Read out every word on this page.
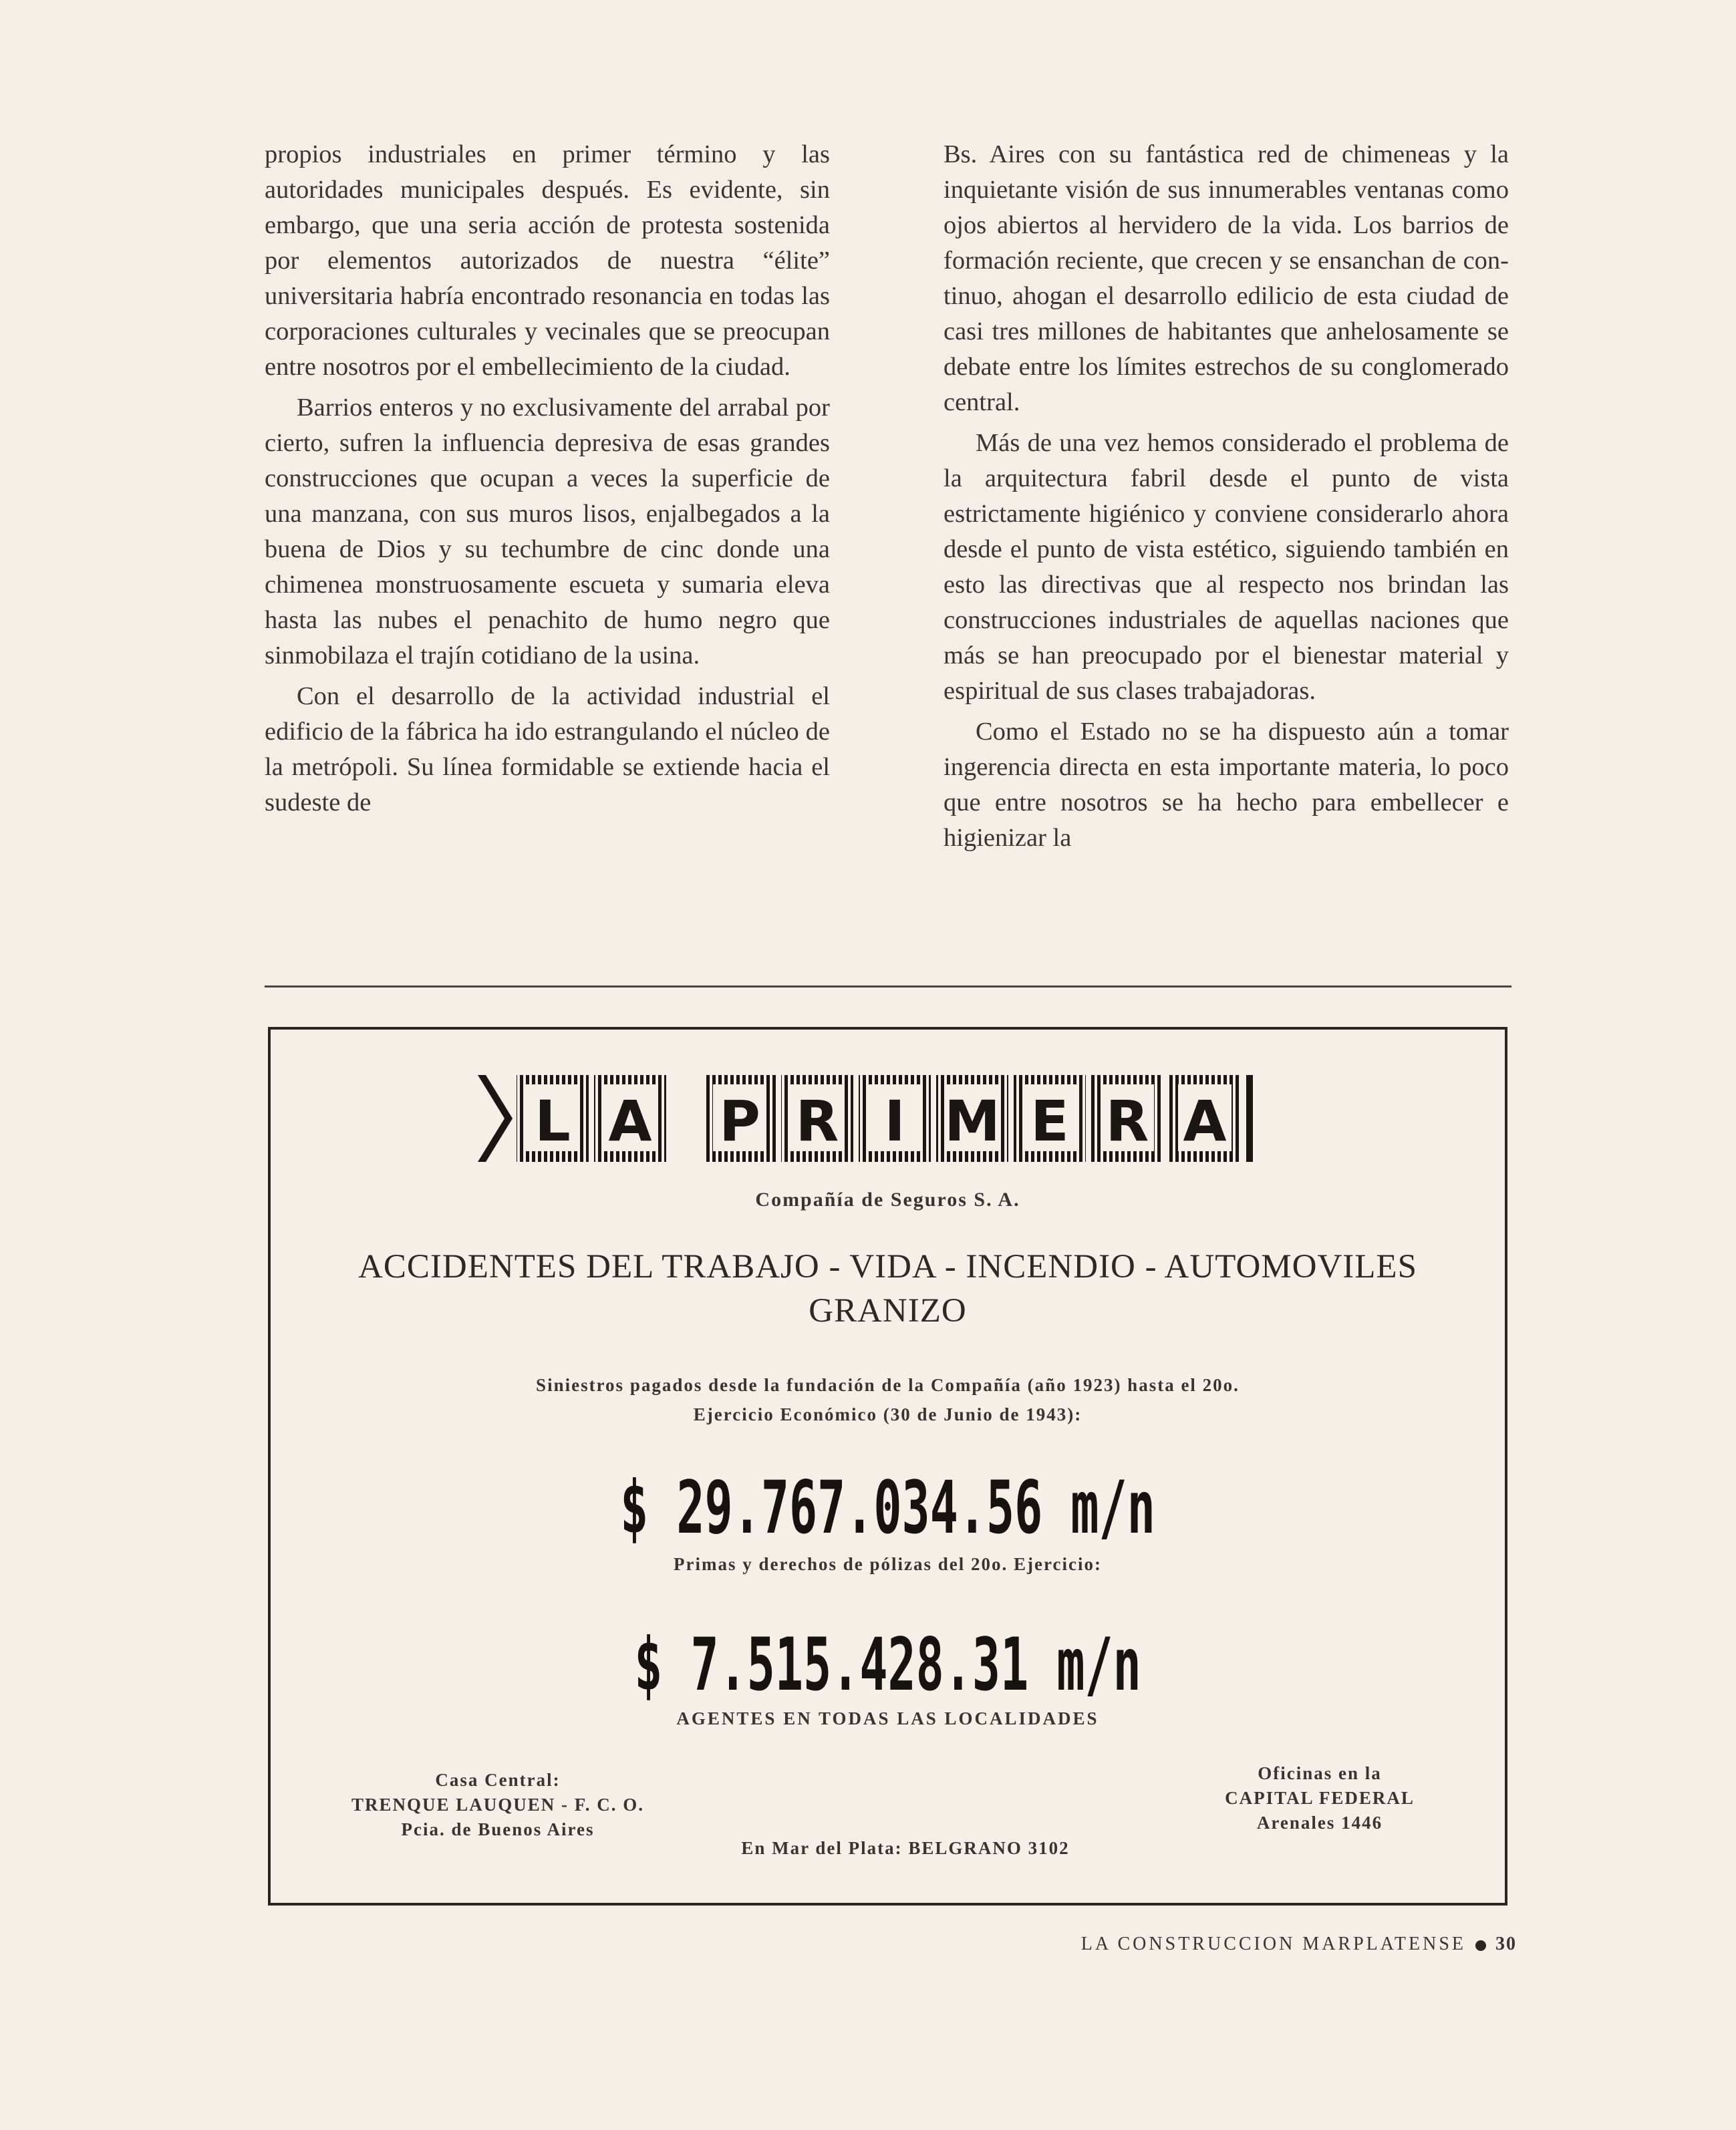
propios industriales en primer término y las autoridades municipales después. Es evidente, sin embargo, que una seria acción de protesta sostenida por elementos autorizados de nuestra “élite” universitaria habría encontrado resonancia en todas las corporaciones culturales y vecinales que se preocupan entre nosotros por el embellecimiento de la ciudad.

Barrios enteros y no exclusivamente del arrabal por cierto, sufren la influencia depresiva de esas grandes construcciones que ocupan a veces la superficie de una manzana, con sus muros lisos, enjalbegados a la buena de Dios y su techumbre de cinc donde una chimenea monstruosamente escueta y sumaria eleva hasta las nubes el penachito de humo negro que sinmobilaza el trajín cotidiano de la usina.

Con el desarrollo de la actividad industrial el edificio de la fábrica ha ido estrangulando el núcleo de la metrópoli. Su línea formidable se extiende hacia el sudeste de

Bs. Aires con su fantástica red de chimeneas y la inquietante visión de sus innumerables ventanas como ojos abiertos al hervidero de la vida. Los barrios de formación reciente, que crecen y se ensanchan de continuo, ahogan el desarrollo edilicio de esta ciudad de casi tres millones de habitantes que anhelosamente se debate entre los límites estrechos de su conglomerado central.

Más de una vez hemos considerado el problema de la arquitectura fabril desde el punto de vista estrictamente higiénico y conviene considerarlo ahora desde el punto de vista estético, siguiendo también en esto las directivas que al respecto nos brindan las construcciones industriales de aquellas naciones que más se han preocupado por el bienestar material y espiritual de sus clases trabajadoras.

Como el Estado no se ha dispuesto aún a tomar ingerencia directa en esta importante materia, lo poco que entre nosotros se ha hecho para embellecer e higienizar la

L A P R I M E R A
Compañía de Seguros S. A.
ACCIDENTES DEL TRABAJO - VIDA - INCENDIO - AUTOMOVILES
GRANIZO
Siniestros pagados desde la fundación de la Compañía (año 1923) hasta el 20o.
Ejercicio Económico (30 de Junio de 1943):
$ 29.767.034.56 m/n
Primas y derechos de pólizas del 20o. Ejercicio:
$ 7.515.428.31 m/n
AGENTES EN TODAS LAS LOCALIDADES
Casa Central:
TRENQUE LAUQUEN - F. C. O.
Pcia. de Buenos Aires
Oficinas en la
CAPITAL FEDERAL
Arenales 1446
En Mar del Plata: BELGRANO 3102
LA CONSTRUCCION MARPLATENSE 30
